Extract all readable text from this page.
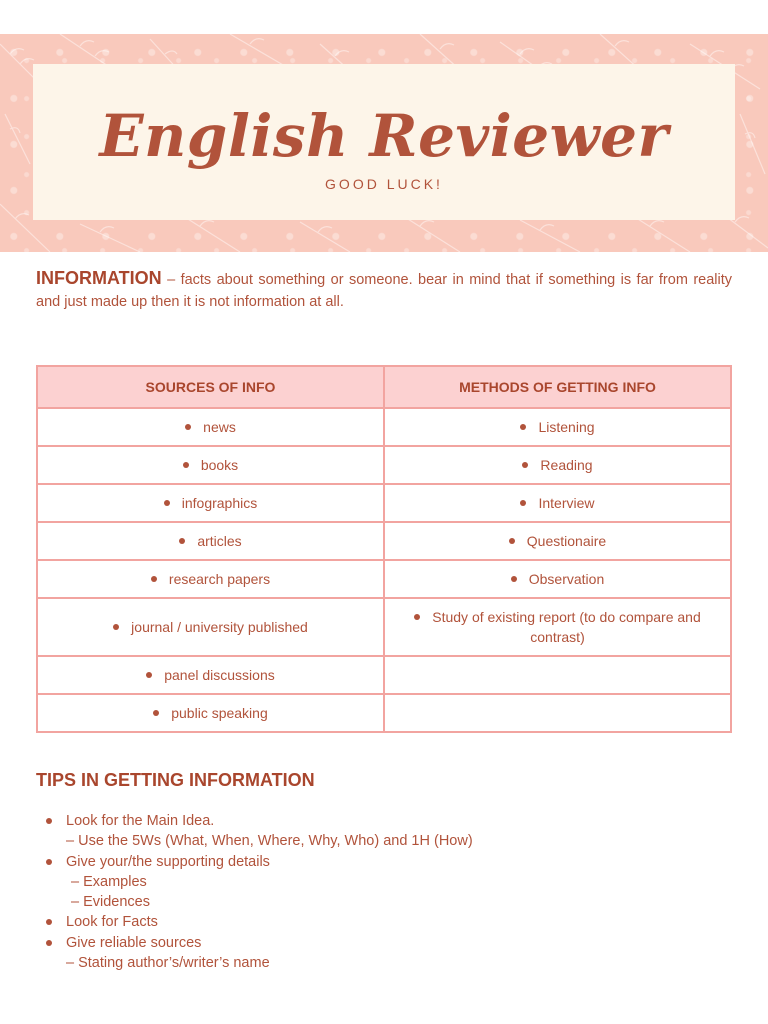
English Reviewer
GOOD LUCK!
INFORMATION – facts about something or someone. bear in mind that if something is far from reality and just made up then it is not information at all.
SOURCES OF INFO	METHODS OF GETTING INFO
news	Listening
books	Reading
infographics	Interview
articles	Questionaire
research papers	Observation
journal / university published	Study of existing report (to do compare and contrast)
panel discussions	
public speaking	
TIPS IN GETTING INFORMATION
Look for the Main Idea.
– Use the 5Ws (What, When, Where, Why, Who) and 1H (How)
Give your/the supporting details
– Examples
– Evidences
Look for Facts
Give reliable sources
– Stating author’s/writer’s name
